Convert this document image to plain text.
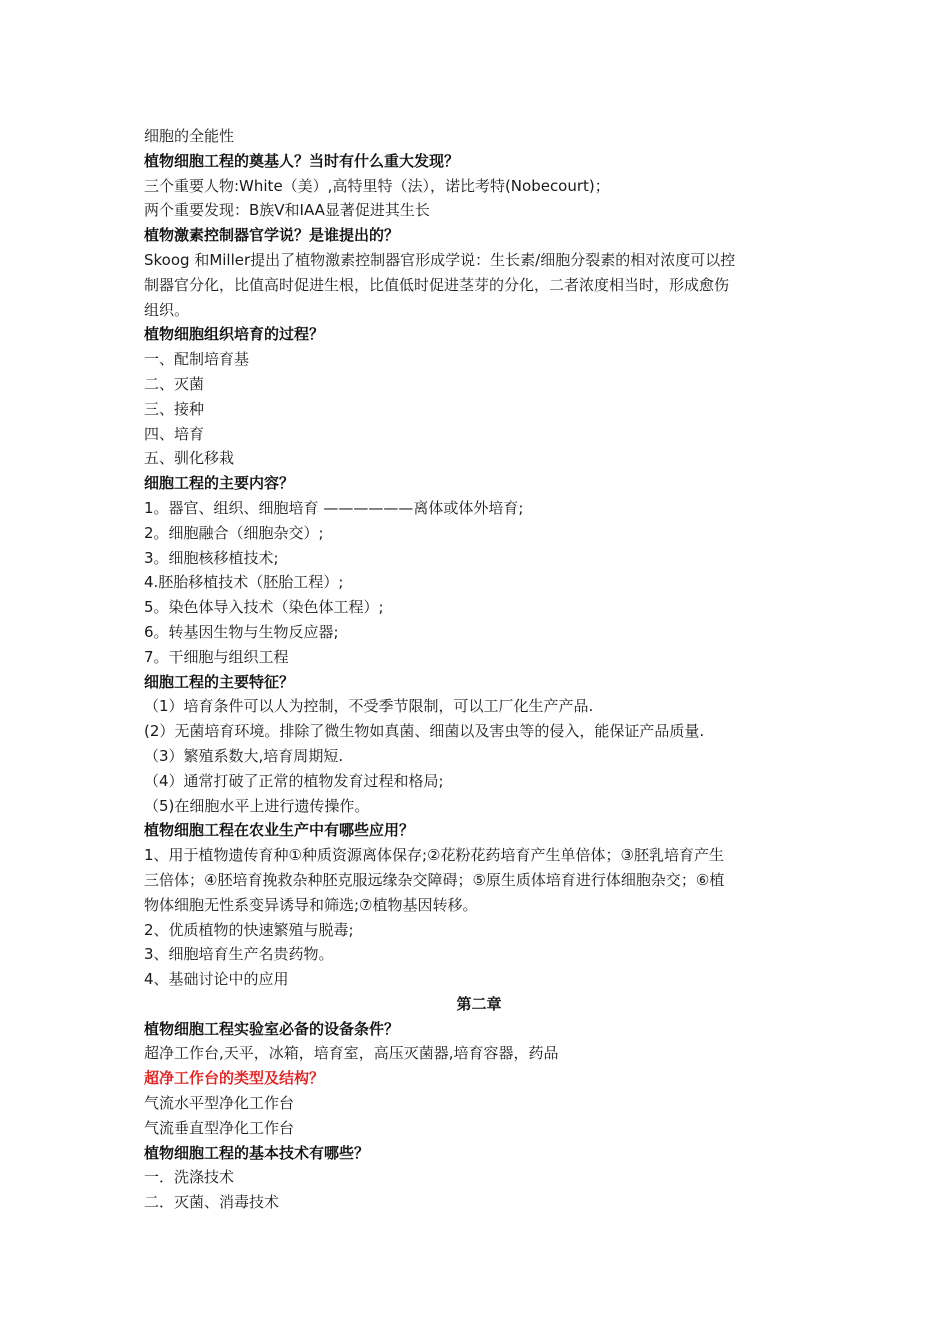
细胞的全能性
植物细胞工程的奠基人？当时有什么重大发现？
三个重要人物:White（美）,高特里特（法），诺比考特(Nobecourt)；
两个重要发现：B族V和IAA显著促进其生长
植物激素控制器官学说？是谁提出的？
Skoog 和Miller提出了植物激素控制器官形成学说：生长素/细胞分裂素的相对浓度可以控
制器官分化，比值高时促进生根，比值低时促进茎芽的分化，二者浓度相当时，形成愈伤
组织。
植物细胞组织培育的过程？
一、配制培育基
二、灭菌
三、接种
四、培育
五、驯化移栽
细胞工程的主要内容？
1。器官、组织、细胞培育 ——————离体或体外培育;
2。细胞融合（细胞杂交）;
3。细胞核移植技术;
4.胚胎移植技术（胚胎工程）;
5。染色体导入技术（染色体工程）;
6。转基因生物与生物反应器;
7。干细胞与组织工程
细胞工程的主要特征？
（1）培育条件可以人为控制，不受季节限制，可以工厂化生产产品.
(2）无菌培育环境。排除了微生物如真菌、细菌以及害虫等的侵入，能保证产品质量.
（3）繁殖系数大,培育周期短.
（4）通常打破了正常的植物发育过程和格局;
（5)在细胞水平上进行遗传操作。
植物细胞工程在农业生产中有哪些应用？
1、用于植物遗传育种①种质资源离体保存;②花粉花药培育产生单倍体；③胚乳培育产生
三倍体；④胚培育挽救杂种胚克服远缘杂交障碍；⑤原生质体培育进行体细胞杂交；⑥植
物体细胞无性系变异诱导和筛选;⑦植物基因转移。
2、优质植物的快速繁殖与脱毒;
3、细胞培育生产名贵药物。
4、基础讨论中的应用
第二章
植物细胞工程实验室必备的设备条件？
超净工作台,天平，冰箱，培育室，高压灭菌器,培育容器，药品
超净工作台的类型及结构？
气流水平型净化工作台
气流垂直型净化工作台
植物细胞工程的基本技术有哪些？
一．洗涤技术
二．灭菌、消毒技术
